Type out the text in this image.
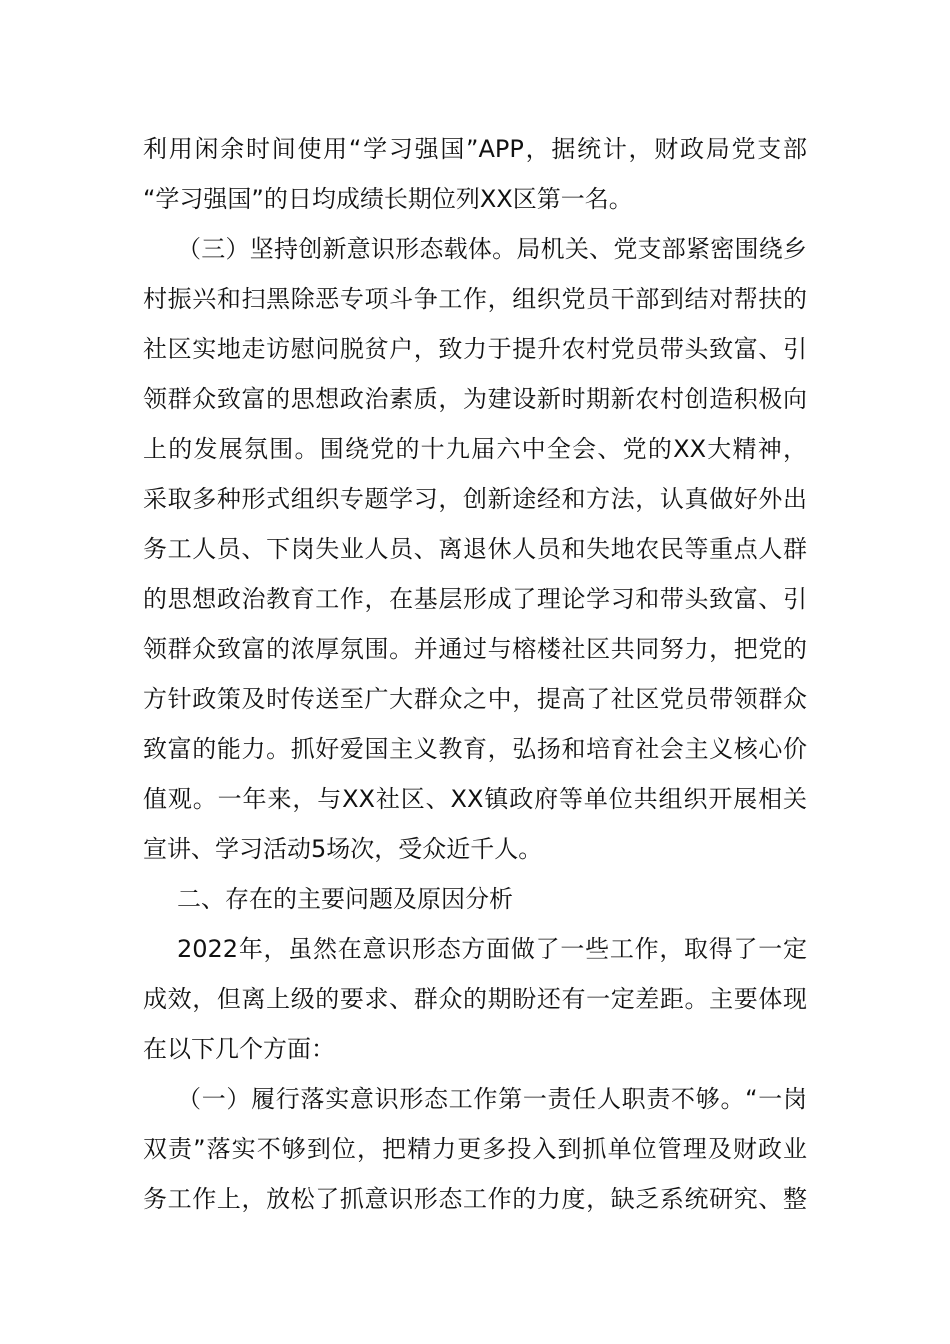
利用闲余时间使用“学习强国”APP，据统计，财政局党支部
“学习强国”的日均成绩长期位列XX区第一名。
（三）坚持创新意识形态载体。局机关、党支部紧密围绕乡
村振兴和扫黑除恶专项斗争工作，组织党员干部到结对帮扶的
社区实地走访慰问脱贫户，致力于提升农村党员带头致富、引
领群众致富的思想政治素质，为建设新时期新农村创造积极向
上的发展氛围。围绕党的十九届六中全会、党的XX大精神，
采取多种形式组织专题学习，创新途经和方法，认真做好外出
务工人员、下岗失业人员、离退休人员和失地农民等重点人群
的思想政治教育工作，在基层形成了理论学习和带头致富、引
领群众致富的浓厚氛围。并通过与榕楼社区共同努力，把党的
方针政策及时传送至广大群众之中，提高了社区党员带领群众
致富的能力。抓好爱国主义教育，弘扬和培育社会主义核心价
值观。一年来，与XX社区、XX镇政府等单位共组织开展相关
宣讲、学习活动5场次，受众近千人。
二、存在的主要问题及原因分析
2022年，虽然在意识形态方面做了一些工作，取得了一定
成效，但离上级的要求、群众的期盼还有一定差距。主要体现
在以下几个方面：
（一）履行落实意识形态工作第一责任人职责不够。“一岗
双责”落实不够到位，把精力更多投入到抓单位管理及财政业
务工作上，放松了抓意识形态工作的力度，缺乏系统研究、整
